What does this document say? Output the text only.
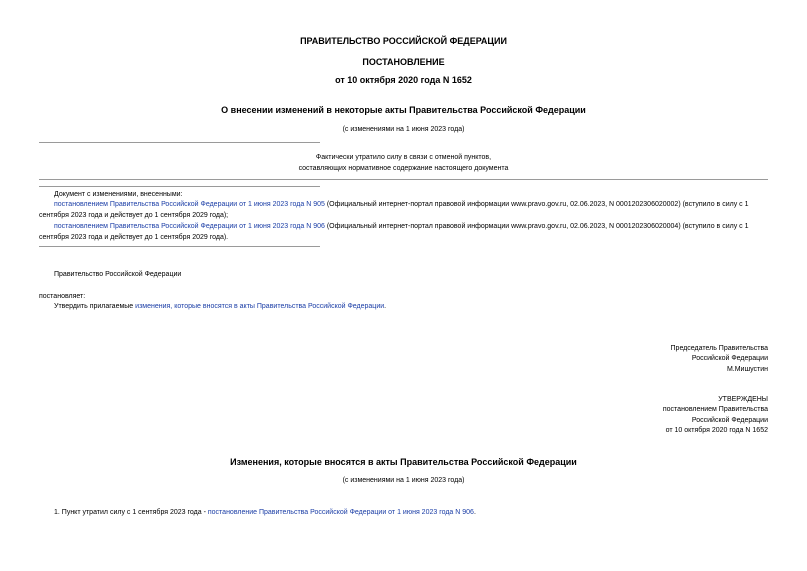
ПРАВИТЕЛЬСТВО РОССИЙСКОЙ ФЕДЕРАЦИИ
ПОСТАНОВЛЕНИЕ
от 10 октября 2020 года N 1652
О внесении изменений в некоторые акты Правительства Российской Федерации
(с изменениями на 1 июня 2023 года)
Фактически утратило силу в связи с отменой пунктов,
составляющих нормативное содержание настоящего документа
Документ с изменениями, внесенными:
постановлением Правительства Российской Федерации от 1 июня 2023 года N 905 (Официальный интернет-портал правовой информации www.pravo.gov.ru, 02.06.2023, N 0001202306020002) (вступило в силу с 1
сентября 2023 года и действует до 1 сентября 2029 года);
постановлением Правительства Российской Федерации от 1 июня 2023 года N 906 (Официальный интернет-портал правовой информации www.pravo.gov.ru, 02.06.2023, N 0001202306020004) (вступило в силу с 1
сентября 2023 года и действует до 1 сентября 2029 года).
Правительство Российской Федерации
постановляет:
Утвердить прилагаемые изменения, которые вносятся в акты Правительства Российской Федерации.
Председатель Правительства
Российской Федерации
М.Мишустин
УТВЕРЖДЕНЫ
постановлением Правительства
Российской Федерации
от 10 октября 2020 года N 1652
Изменения, которые вносятся в акты Правительства Российской Федерации
(с изменениями на 1 июня 2023 года)
1. Пункт утратил силу с 1 сентября 2023 года - постановление Правительства Российской Федерации от 1 июня 2023 года N 906.
